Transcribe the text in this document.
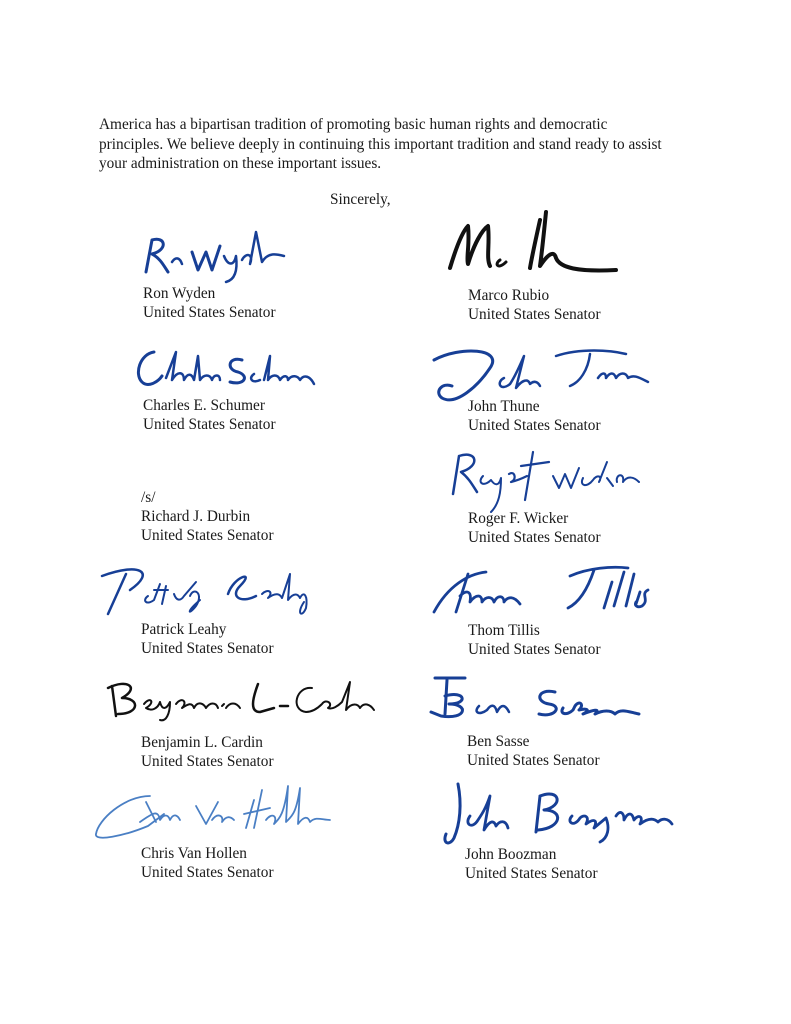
America has a bipartisan tradition of promoting basic human rights and democratic
principles. We believe deeply in continuing this important tradition and stand ready to assist
your administration on these important issues.

Sincerely,

Ron Wyden

United States Senator

Charles E. Schumer

United States Senator

/s/

Richard J. Durbin

United States Senator

Patrick Leahy

United States Senator

Benjamin L. Cardin

United States Senator

Chris Van Hollen

United States Senator

Marco Rubio

United States Senator

John Thune

United States Senator

Roger F. Wicker

United States Senator

Thom Tillis

United States Senator

Ben Sasse

United States Senator

John Boozman

United States Senator
